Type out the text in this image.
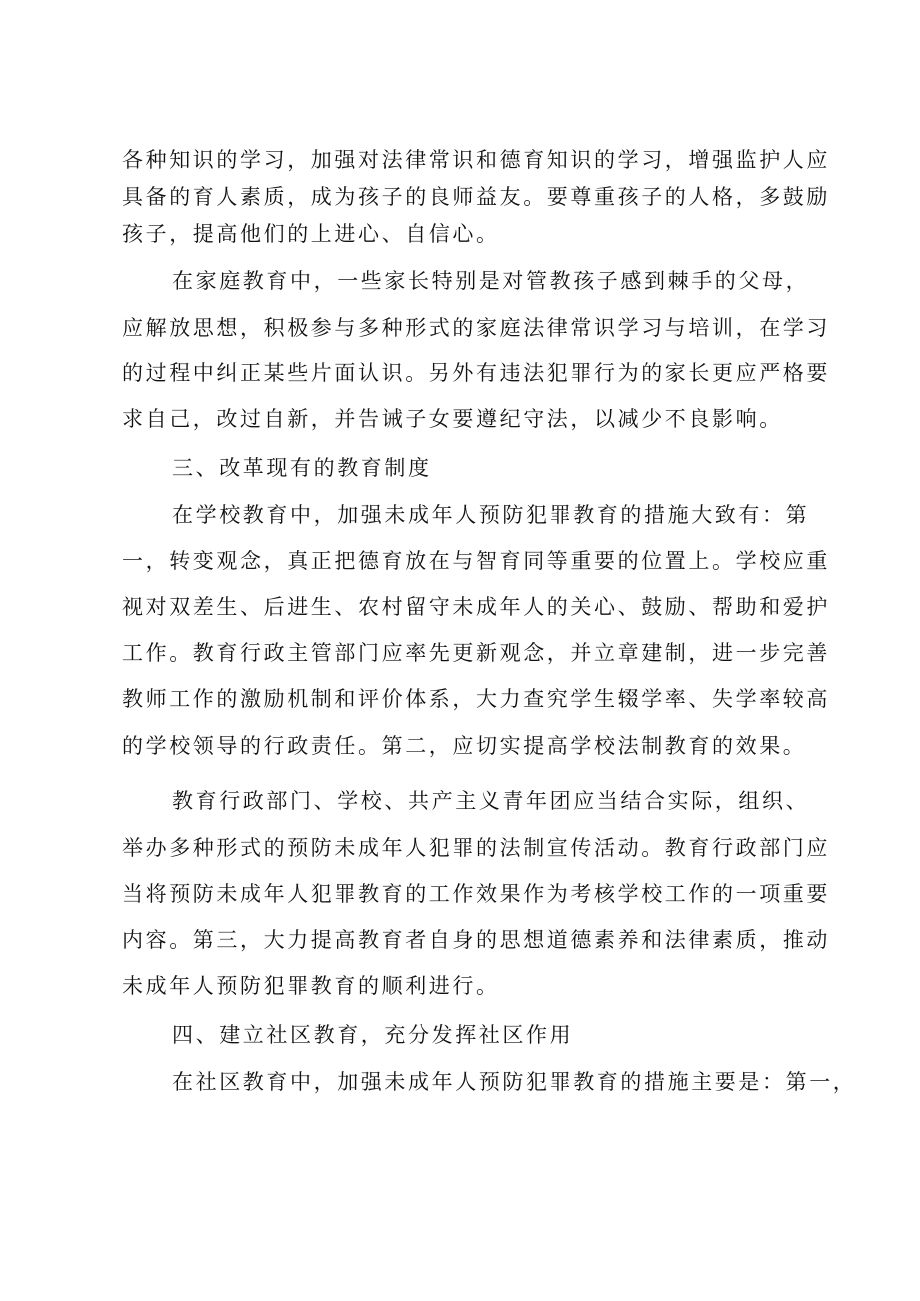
各种知识的学习，加强对法律常识和德育知识的学习，增强监护人应
具备的育人素质，成为孩子的良师益友。要尊重孩子的人格，多鼓励
孩子，提高他们的上进心、自信心。
在家庭教育中，一些家长特别是对管教孩子感到棘手的父母，
应解放思想，积极参与多种形式的家庭法律常识学习与培训，在学习
的过程中纠正某些片面认识。另外有违法犯罪行为的家长更应严格要
求自己，改过自新，并告诫子女要遵纪守法，以减少不良影响。
三、改革现有的教育制度
在学校教育中，加强未成年人预防犯罪教育的措施大致有：第
一，转变观念，真正把德育放在与智育同等重要的位置上。学校应重
视对双差生、后进生、农村留守未成年人的关心、鼓励、帮助和爱护
工作。教育行政主管部门应率先更新观念，并立章建制，进一步完善
教师工作的激励机制和评价体系，大力查究学生辍学率、失学率较高
的学校领导的行政责任。第二，应切实提高学校法制教育的效果。
教育行政部门、学校、共产主义青年团应当结合实际，组织、
举办多种形式的预防未成年人犯罪的法制宣传活动。教育行政部门应
当将预防未成年人犯罪教育的工作效果作为考核学校工作的一项重要
内容。第三，大力提高教育者自身的思想道德素养和法律素质，推动
未成年人预防犯罪教育的顺利进行。
四、建立社区教育，充分发挥社区作用
在社区教育中，加强未成年人预防犯罪教育的措施主要是：第一，
